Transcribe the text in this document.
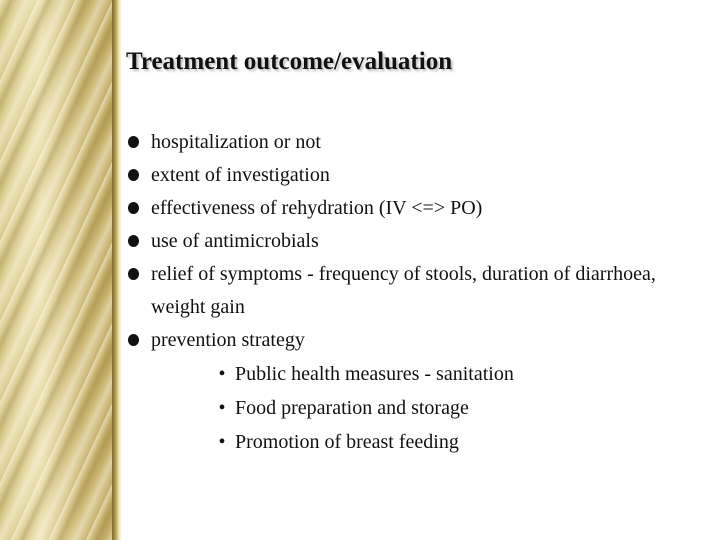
Treatment outcome/evaluation
hospitalization or not
extent of investigation
effectiveness of rehydration (IV <=> PO)
use of antimicrobials
relief of symptoms - frequency of stools, duration of diarrhoea, weight gain
prevention strategy
• Public health measures - sanitation
• Food preparation and storage
• Promotion of breast feeding
